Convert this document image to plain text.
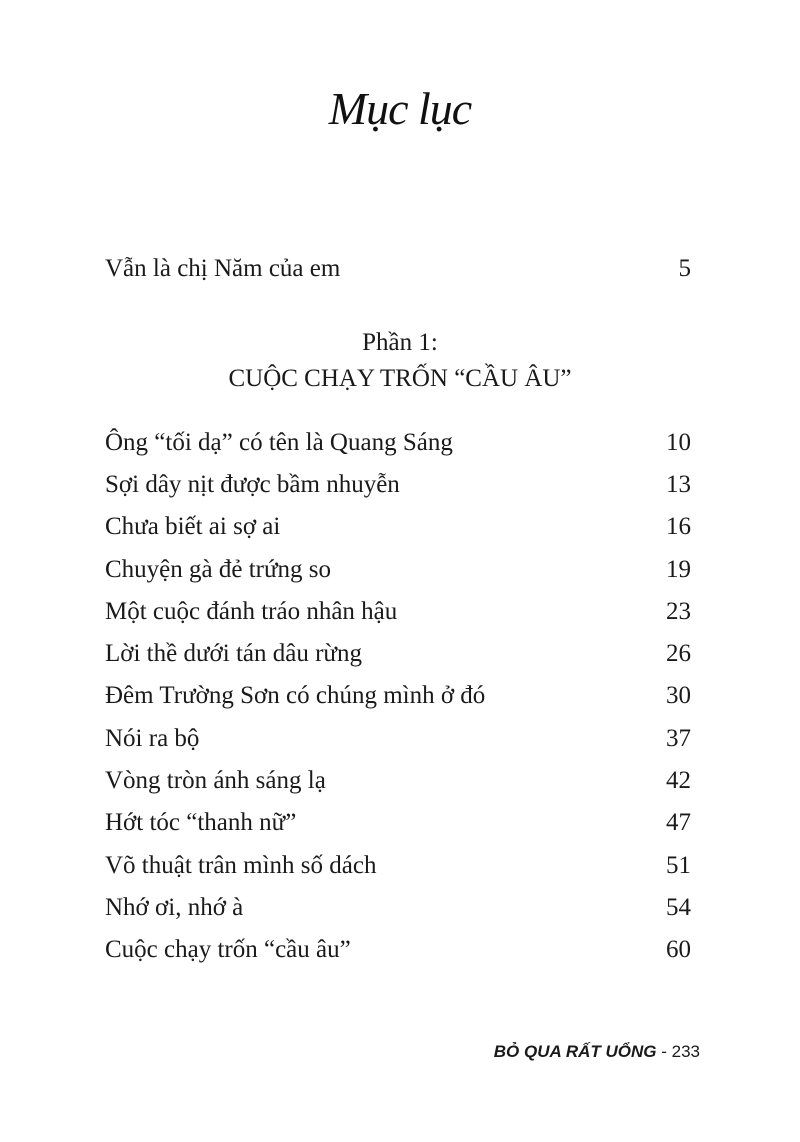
Mục lục
Vẫn là chị Năm của em	5
Phần 1:
CUỘC CHẠY TRỐN “CẦU ÂU”
Ông “tối dạ” có tên là Quang Sáng	10
Sợi dây nịt được bầm nhuyễn	13
Chưa biết ai sợ ai	16
Chuyện gà đẻ trứng so	19
Một cuộc đánh tráo nhân hậu	23
Lời thề dưới tán dâu rừng	26
Đêm Trường Sơn có chúng mình ở đó	30
Nói ra bộ	37
Vòng tròn ánh sáng lạ	42
Hớt tóc “thanh nữ”	47
Võ thuật trân mình số dách	51
Nhớ ơi, nhớ à	54
Cuộc chạy trốn “cầu âu”	60
BỎ QUA RẤT UỔNG - 233
